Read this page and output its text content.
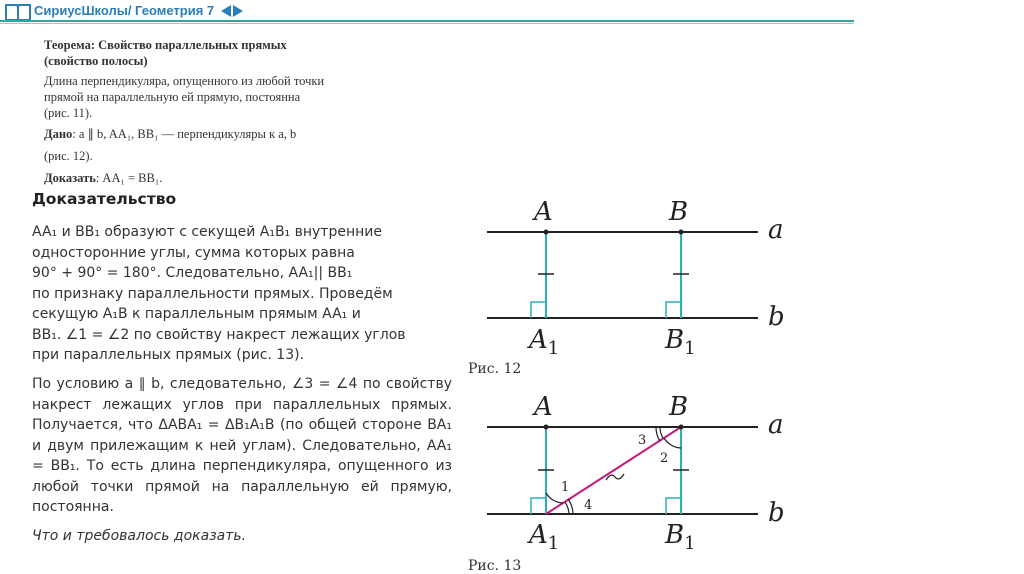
СириусШколы/ Геометрия 7
Теорема: Свойство параллельных прямых
(свойство полосы)
Длина перпендикуляра, опущенного из любой точки
прямой на параллельную ей прямую, постоянна
(рис. 11).
Дано: a ∥ b, AA₁, BB₁ — перпендикуляры к a, b
(рис. 12).
Доказать: AA₁ = BB₁.
Доказательство
AA₁ и BB₁ образуют с секущей A₁B₁ внутренние
односторонние углы, сумма которых равна
90° + 90° = 180°. Следовательно, AA₁|| BB₁
по признаку параллельности прямых. Проведём
секущую A₁B к параллельным прямым AA₁ и
BB₁. ∠1 = ∠2 по свойству накрест лежащих углов
при параллельных прямых (рис. 13).
По условию a ∥ b, следовательно, ∠3 = ∠4 по свойству накрест лежащих углов при параллельных прямых. Получается, что ΔABA₁ = ΔB₁A₁B (по общей стороне BA₁ и двум прилежащим к ней углам). Следовательно, AA₁ = BB₁. То есть длина перпендикуляра, опущенного из любой точки прямой на параллельную ей прямую, постоянна.
Что и требовалось доказать.
A	B
$A_1$	$B_1$
a
b
Рис. 12
1
2
3
4
A	B
$A_1$	$B_1$
a
b
Рис. 13
